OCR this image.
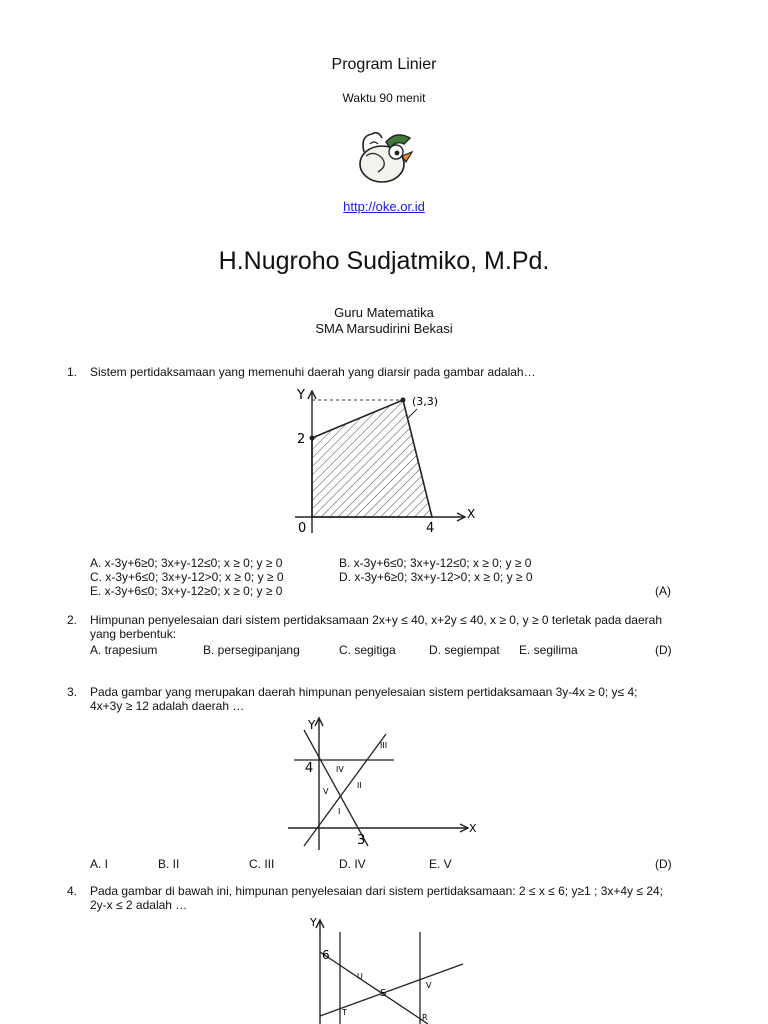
Program Linier
Waktu 90 menit
http://oke.or.id
H.Nugroho Sudjatmiko, M.Pd.
Guru Matematika
SMA Marsudirini Bekasi
1. Sistem pertidaksamaan yang memenuhi daerah yang diarsir pada gambar adalah…
Y
X
2
4
0
(3,3)
A. x-3y+6≥0; 3x+y-12≤0; x ≥ 0; y ≥ 0	B. x-3y+6≤0; 3x+y-12≤0; x ≥ 0; y ≥ 0
C. x-3y+6≤0; 3x+y-12>0; x ≥ 0; y ≥ 0	D. x-3y+6≥0; 3x+y-12>0; x ≥ 0; y ≥ 0
E. x-3y+6≤0; 3x+y-12≥0; x ≥ 0; y ≥ 0	(A)
2. Himpunan penyelesaian dari sistem pertidaksamaan 2x+y ≤ 40, x+2y ≤ 40, x ≥ 0, y ≥ 0 terletak pada daerah
yang berbentuk:
A. trapesium	B. persegipanjang	C. segitiga	D. segiempat E. segilima	(D)
3. Pada gambar yang merupakan daerah himpunan penyelesaian sistem pertidaksamaan 3y-4x ≥ 0; y≤ 4;
4x+3y ≥ 12 adalah daerah …
Y
X
4
3
I
II
III
IV
V
A. I	B. II	C. III	D. IV	E. V	(D)
4. Pada gambar di bawah ini, himpunan penyelesaian dari sistem pertidaksamaan: 2 ≤ x ≤ 6; y≥1 ; 3x+4y ≤ 24;
2y-x ≤ 2 adalah …
Y
6
U
S
V
T
R
